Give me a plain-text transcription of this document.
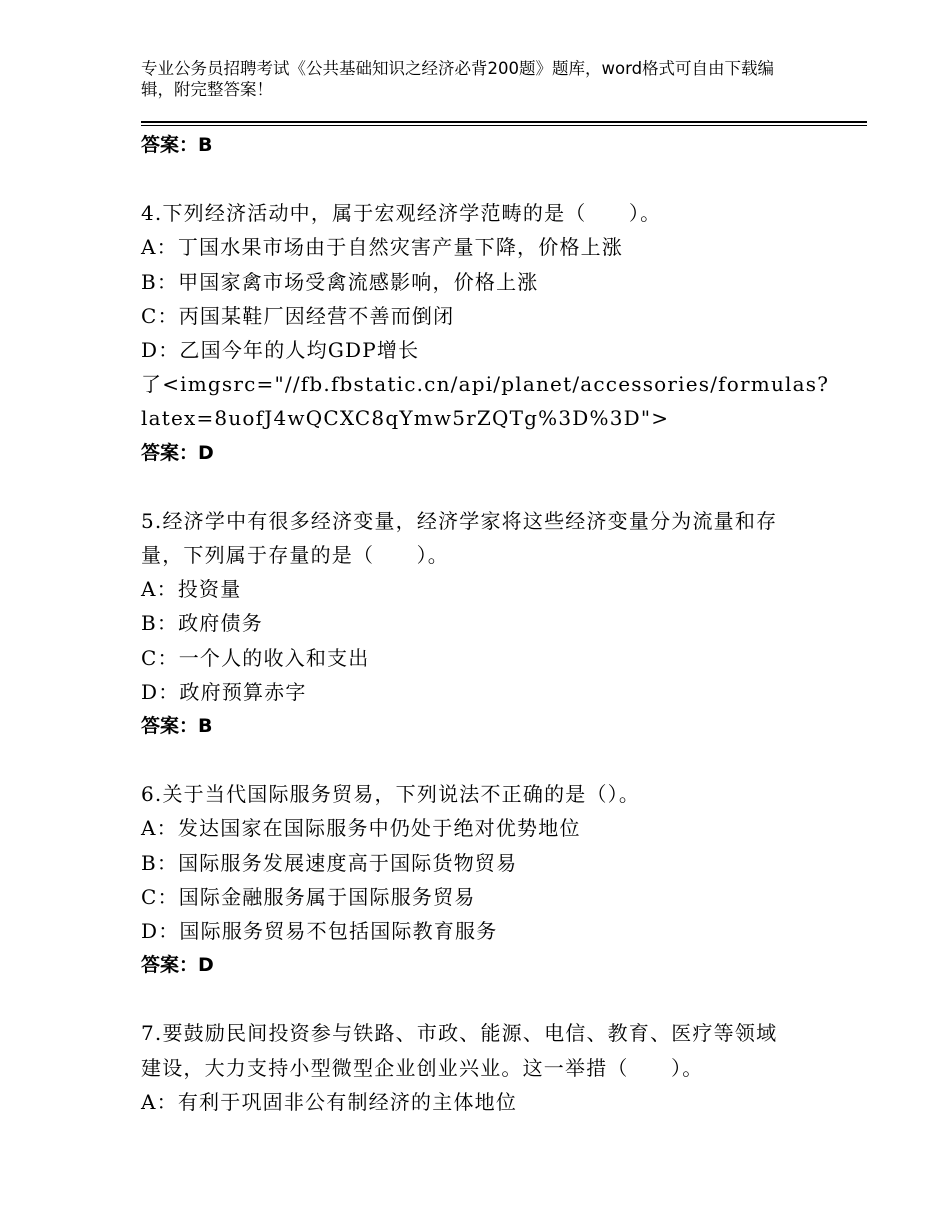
专业公务员招聘考试《公共基础知识之经济必背200题》题库，word格式可自由下载编辑，附完整答案！
答案：B
4.下列经济活动中，属于宏观经济学范畴的是（　　）。
A：丁国水果市场由于自然灾害产量下降，价格上涨
B：甲国家禽市场受禽流感影响，价格上涨
C：丙国某鞋厂因经营不善而倒闭
D：乙国今年的人均GDP增长
了<imgsrc="//fb.fbstatic.cn/api/planet/accessories/formulas?
latex=8uofJ4wQCXC8qYmw5rZQTg%3D%3D">
答案：D
5.经济学中有很多经济变量，经济学家将这些经济变量分为流量和存
量，下列属于存量的是（　　）。
A：投资量
B：政府债务
C：一个人的收入和支出
D：政府预算赤字
答案：B
6.关于当代国际服务贸易，下列说法不正确的是（）。
A：发达国家在国际服务中仍处于绝对优势地位
B：国际服务发展速度高于国际货物贸易
C：国际金融服务属于国际服务贸易
D：国际服务贸易不包括国际教育服务
答案：D
7.要鼓励民间投资参与铁路、市政、能源、电信、教育、医疗等领域
建设，大力支持小型微型企业创业兴业。这一举措（　　）。
A：有利于巩固非公有制经济的主体地位
